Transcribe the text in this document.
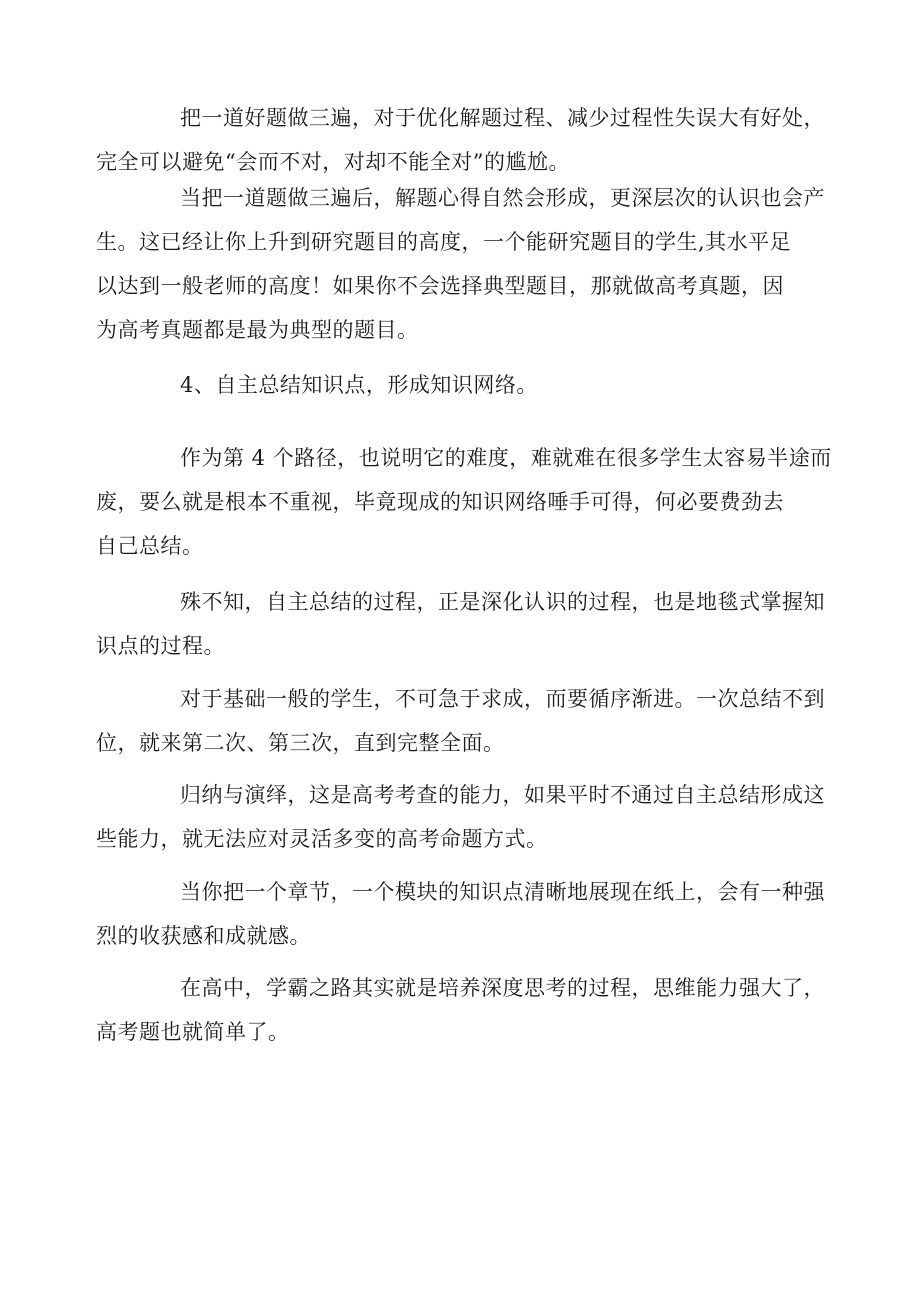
把一道好题做三遍，对于优化解题过程、减少过程性失误大有好处，
完全可以避免“会而不对，对却不能全对”的尴尬。

当把一道题做三遍后，解题心得自然会形成，更深层次的认识也会产
生。这已经让你上升到研究题目的高度，一个能研究题目的学生,其水平足
以达到一般老师的高度！如果你不会选择典型题目，那就做高考真题，因
为高考真题都是最为典型的题目。

4、自主总结知识点，形成知识网络。

作为第 4 个路径，也说明它的难度，难就难在很多学生太容易半途而
废，要么就是根本不重视，毕竟现成的知识网络唾手可得，何必要费劲去
自己总结。

殊不知，自主总结的过程，正是深化认识的过程，也是地毯式掌握知
识点的过程。

对于基础一般的学生，不可急于求成，而要循序渐进。一次总结不到
位，就来第二次、第三次，直到完整全面。

归纳与演绎，这是高考考查的能力，如果平时不通过自主总结形成这
些能力，就无法应对灵活多变的高考命题方式。

当你把一个章节，一个模块的知识点清晰地展现在纸上，会有一种强
烈的收获感和成就感。

在高中，学霸之路其实就是培养深度思考的过程，思维能力强大了，
高考题也就简单了。
